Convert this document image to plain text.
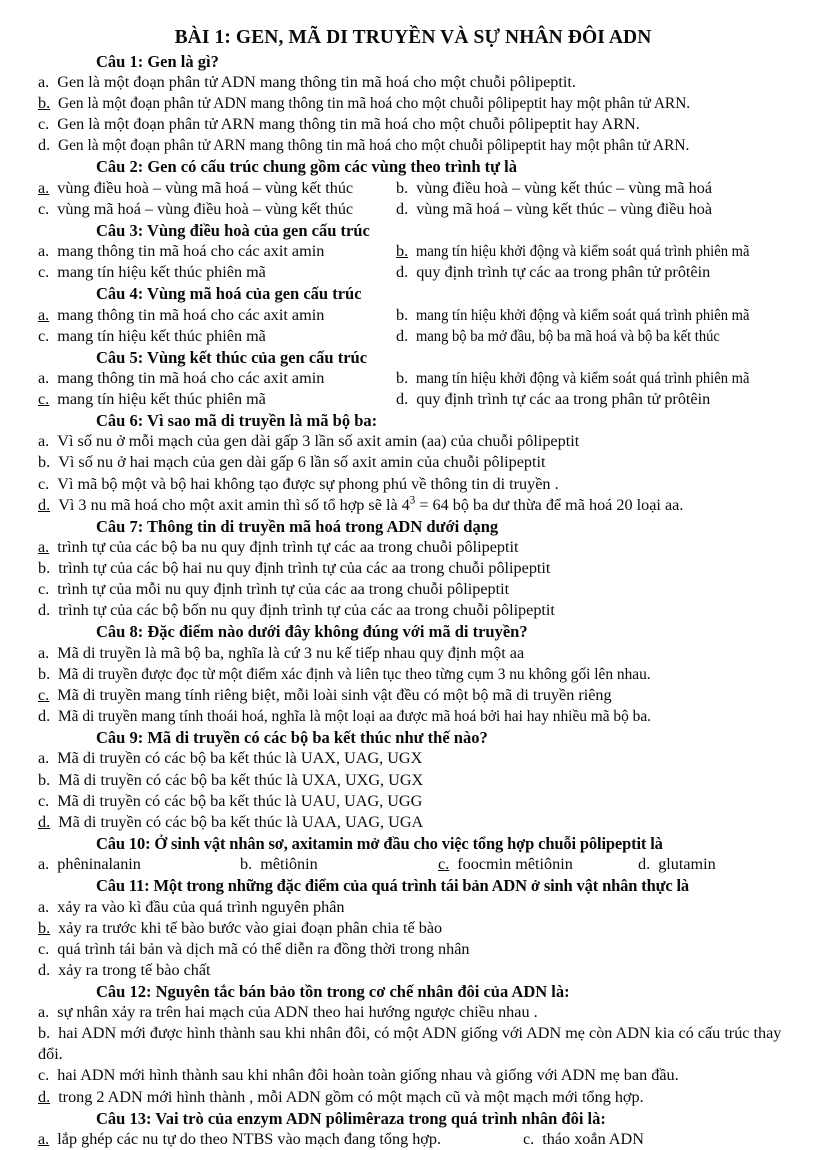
BÀI 1: GEN, MÃ DI TRUYỀN VÀ SỰ NHÂN ĐÔI ADN
Câu 1: Gen là gì?
a. Gen là một đoạn phân tử ADN mang thông tin mã hoá cho một chuỗi pôlipeptit.
b. Gen là một đoạn phân tử ADN mang thông tin mã hoá cho một chuỗi pôlipeptit hay một phân tử ARN.
c. Gen là một đoạn phân tử ARN mang thông tin mã hoá cho một chuỗi pôlipeptit hay ARN.
d. Gen là một đoạn phân tử ARN mang thông tin mã hoá cho một chuỗi pôlipeptit hay một phân tử ARN.
Câu 2: Gen có cấu trúc chung gồm các vùng theo trình tự là
a. vùng điều hoà – vùng mã hoá – vùng kết thúc	b. vùng điều hoà – vùng kết thúc – vùng mã hoá
c. vùng mã hoá – vùng điều hoà – vùng kết thúc	d. vùng mã hoá – vùng kết thúc – vùng điều hoà
Câu 3: Vùng điều hoà của gen cấu trúc
a. mang thông tin mã hoá cho các axit amin	b. mang tín hiệu khởi động và kiểm soát quá trình phiên mã
c. mang tín hiệu kết thúc phiên mã	d. quy định trình tự các aa trong phân tử prôtêin
Câu 4: Vùng mã hoá của gen cấu trúc
a. mang thông tin mã hoá cho các axit amin	b. mang tín hiệu khởi động và kiểm soát quá trình phiên mã
c. mang tín hiệu kết thúc phiên mã	d. mang bộ ba mở đầu, bộ ba mã hoá và bộ ba kết thúc
Câu 5: Vùng kết thúc của gen cấu trúc
a. mang thông tin mã hoá cho các axit amin	b. mang tín hiệu khởi động và kiểm soát quá trình phiên mã
c. mang tín hiệu kết thúc phiên mã	d. quy định trình tự các aa trong phân tử prôtêin
Câu 6: Vì sao mã di truyền là mã bộ ba:
a. Vì số nu ở mỗi mạch của gen dài gấp 3 lần số axit amin (aa) của chuỗi pôlipeptit
b. Vì số nu ở hai mạch của gen dài gấp 6 lần số axit amin của chuỗi pôlipeptit
c. Vì mã bộ một và bộ hai không tạo được sự phong phú về thông tin di truyền .
d. Vì 3 nu mã hoá cho một axit amin thì số tổ hợp sẽ là $4^3 = 64$ bộ ba dư thừa để mã hoá 20 loại aa.
Câu 7: Thông tin di truyền mã hoá trong ADN dưới dạng
a. trình tự của các bộ ba nu quy định trình tự các aa trong chuỗi pôlipeptit
b. trình tự của các bộ hai nu quy định trình tự của các aa trong chuỗi pôlipeptit
c. trình tự của mỗi nu quy định trình tự của các aa trong chuỗi pôlipeptit
d. trình tự của các bộ bốn nu quy định trình tự của các aa trong chuỗi pôlipeptit
Câu 8: Đặc điểm nào dưới đây không đúng với mã di truyền?
a. Mã di truyền là mã bộ ba, nghĩa là cứ 3 nu kế tiếp nhau quy định một aa
b. Mã di truyền được đọc từ một điểm xác định và liên tục theo từng cụm 3 nu không gối lên nhau.
c. Mã di truyền mang tính riêng biệt, mỗi loài sinh vật đều có một bộ mã di truyền riêng
d. Mã di truyền mang tính thoái hoá, nghĩa là một loại aa được mã hoá bởi hai hay nhiều mã bộ ba.
Câu 9: Mã di truyền có các bộ ba kết thúc như thế nào?
a. Mã di truyền có các bộ ba kết thúc là UAX, UAG, UGX
b. Mã di truyền có các bộ ba kết thúc là UXA, UXG, UGX
c. Mã di truyền có các bộ ba kết thúc là UAU, UAG, UGG
d. Mã di truyền có các bộ ba kết thúc là UAA, UAG, UGA
Câu 10: Ở sinh vật nhân sơ, axitamin mở đầu cho việc tổng hợp chuỗi pôlipeptit là
a. phêninalanin	b. mêtiônin	c. foocmin mêtiônin	d. glutamin
Câu 11: Một trong những đặc điểm của quá trình tái bản ADN ở sinh vật nhân thực là
a. xảy ra vào kì đầu của quá trình nguyên phân
b. xảy ra trước khi tế bào bước vào giai đoạn phân chia tế bào
c. quá trình tái bản và dịch mã có thể diễn ra đồng thời trong nhân
d. xảy ra trong tế bào chất
Câu 12: Nguyên tắc bán bảo tồn trong cơ chế nhân đôi của ADN là:
a. sự nhân xảy ra trên hai mạch của ADN theo hai hướng ngược chiều nhau .
b. hai ADN mới được hình thành sau khi nhân đôi, có một ADN giống với ADN mẹ còn ADN kia có cấu trúc thay đổi.
c. hai ADN mới hình thành sau khi nhân đôi hoàn toàn giống nhau và giống với ADN mẹ ban đầu.
d. trong 2 ADN mới hình thành , mỗi ADN gồm có một mạch cũ và một mạch mới tổng hợp.
Câu 13: Vai trò của enzym ADN pôlimêraza trong quá trình nhân đôi là:
a. lắp ghép các nu tự do theo NTBS vào mạch đang tổng hợp.	c. tháo xoắn ADN
